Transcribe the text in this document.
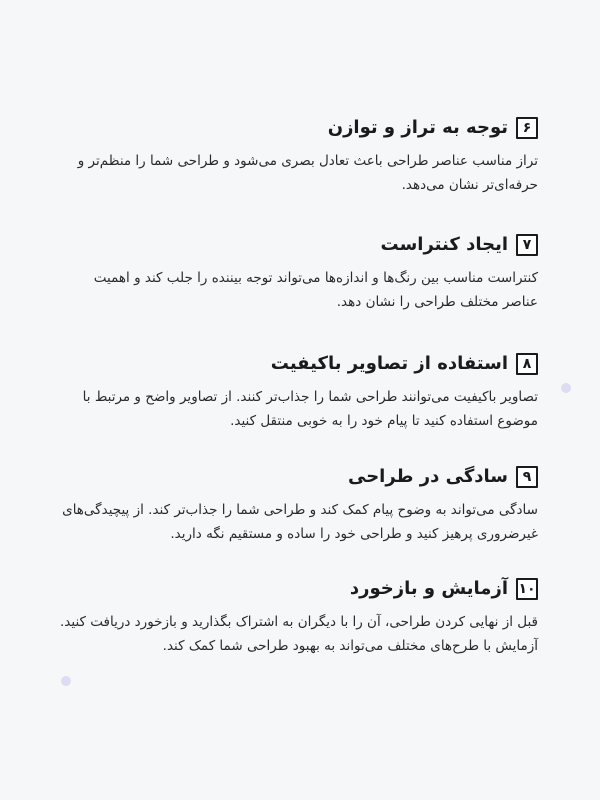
۶
توجه به تراز و توازن

تراز مناسب عناصر طراحی باعث تعادل بصری می‌شود و طراحی شما را منظم‌تر و حرفه‌ای‌تر نشان می‌دهد.

۷
ایجاد کنتراست

کنتراست مناسب بین رنگ‌ها و اندازه‌ها می‌تواند توجه بیننده را جلب کند و اهمیت عناصر مختلف طراحی را نشان دهد.

۸
استفاده از تصاویر باکیفیت

تصاویر باکیفیت می‌توانند طراحی شما را جذاب‌تر کنند. از تصاویر واضح و مرتبط با موضوع استفاده کنید تا پیام خود را به خوبی منتقل کنید.

۹
سادگی در طراحی

سادگی می‌تواند به وضوح پیام کمک کند و طراحی شما را جذاب‌تر کند. از پیچیدگی‌های غیرضروری پرهیز کنید و طراحی خود را ساده و مستقیم نگه دارید.

۱۰
آزمایش و بازخورد

قبل از نهایی کردن طراحی، آن را با دیگران به اشتراک بگذارید و بازخورد دریافت کنید. آزمایش با طرح‌های مختلف می‌تواند به بهبود طراحی شما کمک کند.
